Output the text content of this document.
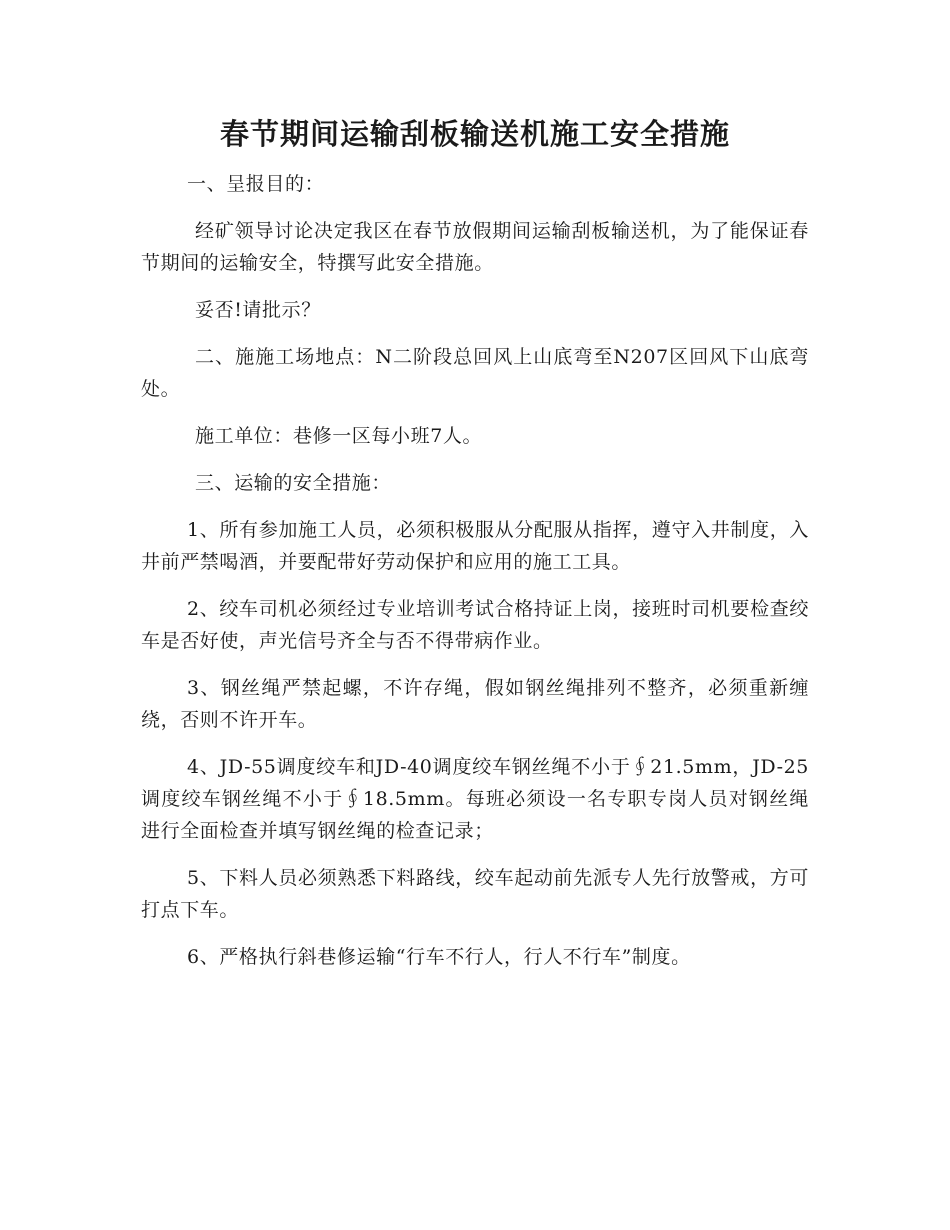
春节期间运输刮板输送机施工安全措施

一、呈报目的：

经矿领导讨论决定我区在春节放假期间运输刮板输送机，为了能保证春节期间的运输安全，特撰写此安全措施。

妥否!请批示？

二、施施工场地点：N二阶段总回风上山底弯至N207区回风下山底弯处。

施工单位：巷修一区每小班7人。

三、运输的安全措施：

1、所有参加施工人员，必须积极服从分配服从指挥，遵守入井制度，入井前严禁喝酒，并要配带好劳动保护和应用的施工工具。

2、绞车司机必须经过专业培训考试合格持证上岗，接班时司机要检查绞车是否好使，声光信号齐全与否不得带病作业。

3、钢丝绳严禁起螺，不许存绳，假如钢丝绳排列不整齐，必须重新缠绕，否则不许开车。

4、JD-55调度绞车和JD-40调度绞车钢丝绳不小于∮21.5mm，JD-25调度绞车钢丝绳不小于∮18.5mm。每班必须设一名专职专岗人员对钢丝绳进行全面检查并填写钢丝绳的检查记录；

5、下料人员必须熟悉下料路线，绞车起动前先派专人先行放警戒，方可打点下车。

6、严格执行斜巷修运输“行车不行人，行人不行车”制度。
